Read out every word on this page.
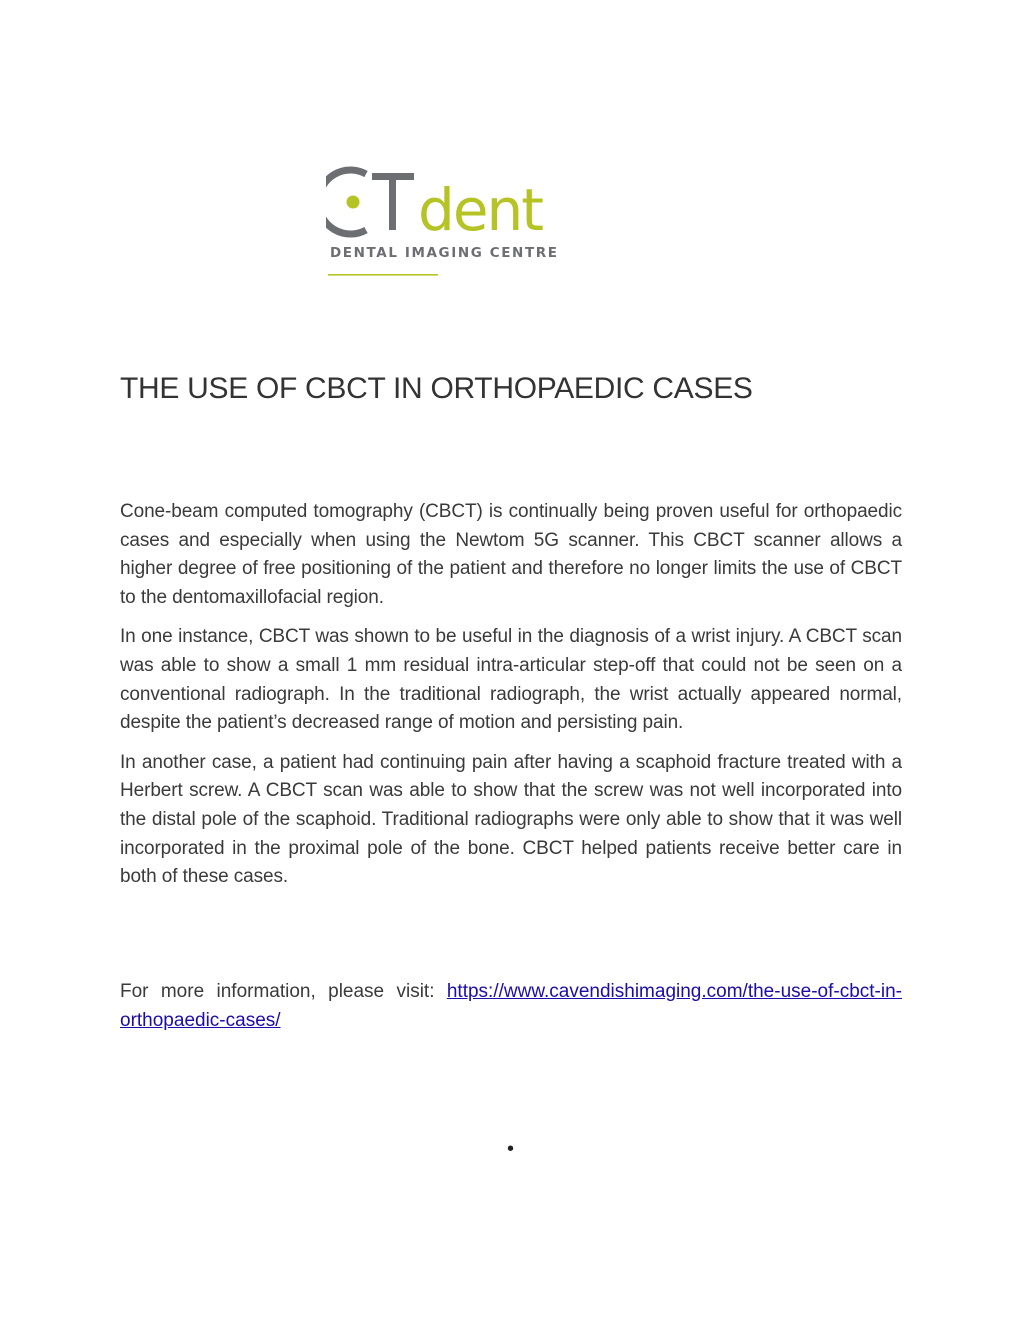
dent
DENTAL IMAGING CENTRE
THE USE OF CBCT IN ORTHOPAEDIC CASES

Cone-beam computed tomography (CBCT) is continually being proven useful for orthopaedic cases and especially when using the Newtom 5G scanner. This CBCT scanner allows a higher degree of free positioning of the patient and therefore no longer limits the use of CBCT to the dentomaxillofacial region.

In one instance, CBCT was shown to be useful in the diagnosis of a wrist injury. A CBCT scan was able to show a small 1 mm residual intra-articular step-off that could not be seen on a conventional radiograph. In the traditional radiograph, the wrist actually appeared normal, despite the patient’s decreased range of motion and persisting pain.

In another case, a patient had continuing pain after having a scaphoid fracture treated with a Herbert screw. A CBCT scan was able to show that the screw was not well incorporated into the distal pole of the scaphoid. Traditional radiographs were only able to show that it was well incorporated in the proximal pole of the bone. CBCT helped patients receive better care in both of these cases.

For more information, please visit: https://www.cavendishimaging.com/the-use-of-cbct-in-orthopaedic-cases/

•
